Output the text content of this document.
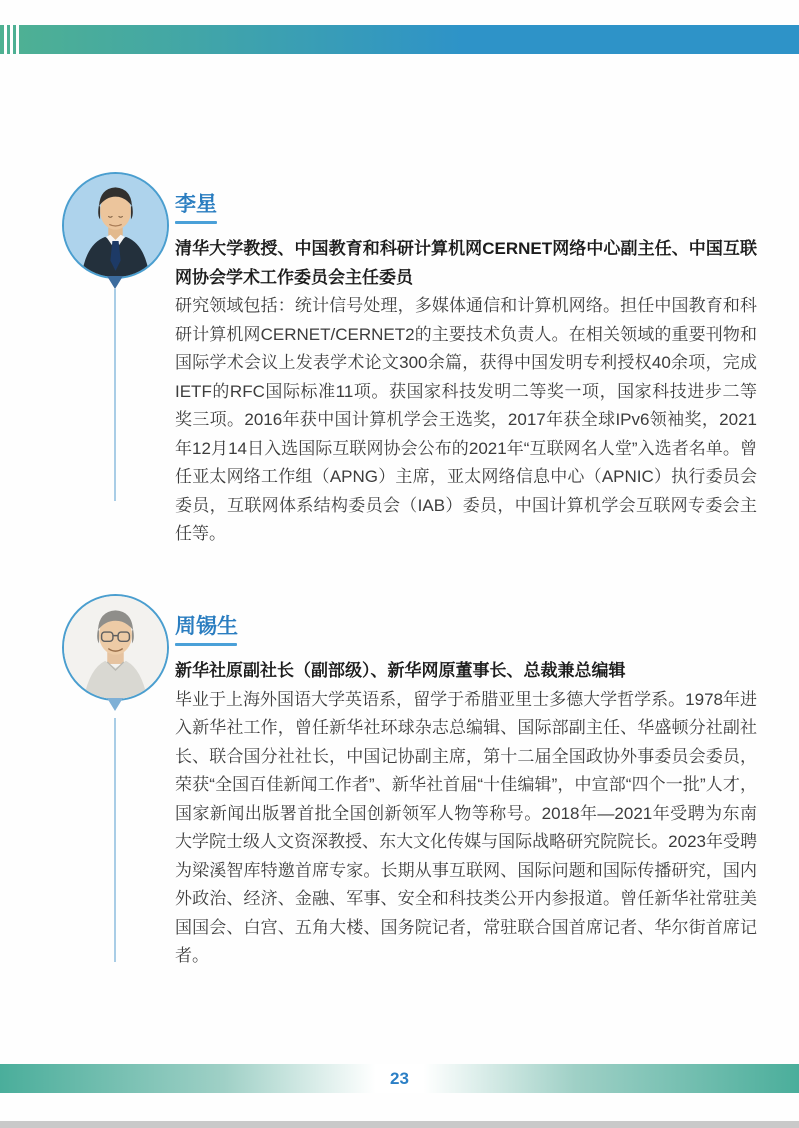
李星

清华大学教授、中国教育和科研计算机网CERNET网络中心副主任、中国互联网协会学术工作委员会主任委员

研究领域包括：统计信号处理，多媒体通信和计算机网络。担任中国教育和科研计算机网CERNET/CERNET2的主要技术负责人。在相关领域的重要刊物和国际学术会议上发表学术论文300余篇，获得中国发明专利授权40余项，完成IETF的RFC国际标准11项。获国家科技发明二等奖一项，国家科技进步二等奖三项。2016年获中国计算机学会王选奖，2017年获全球IPv6领袖奖，2021年12月14日入选国际互联网协会公布的2021年“互联网名人堂”入选者名单。曾任亚太网络工作组（APNG）主席，亚太网络信息中心（APNIC）执行委员会委员，互联网体系结构委员会（IAB）委员，中国计算机学会互联网专委会主任等。

周锡生

新华社原副社长（副部级）、新华网原董事长、总裁兼总编辑

毕业于上海外国语大学英语系，留学于希腊亚里士多德大学哲学系。1978年进入新华社工作，曾任新华社环球杂志总编辑、国际部副主任、华盛顿分社副社长、联合国分社社长，中国记协副主席，第十二届全国政协外事委员会委员，荣获“全国百佳新闻工作者”、新华社首届“十佳编辑”，中宣部“四个一批”人才，国家新闻出版署首批全国创新领军人物等称号。2018年—2021年受聘为东南大学院士级人文资深教授、东大文化传媒与国际战略研究院院长。2023年受聘为梁溪智库特邀首席专家。长期从事互联网、国际问题和国际传播研究，国内外政治、经济、金融、军事、安全和科技类公开内参报道。曾任新华社常驻美国国会、白宫、五角大楼、国务院记者，常驻联合国首席记者、华尔街首席记者。

23
